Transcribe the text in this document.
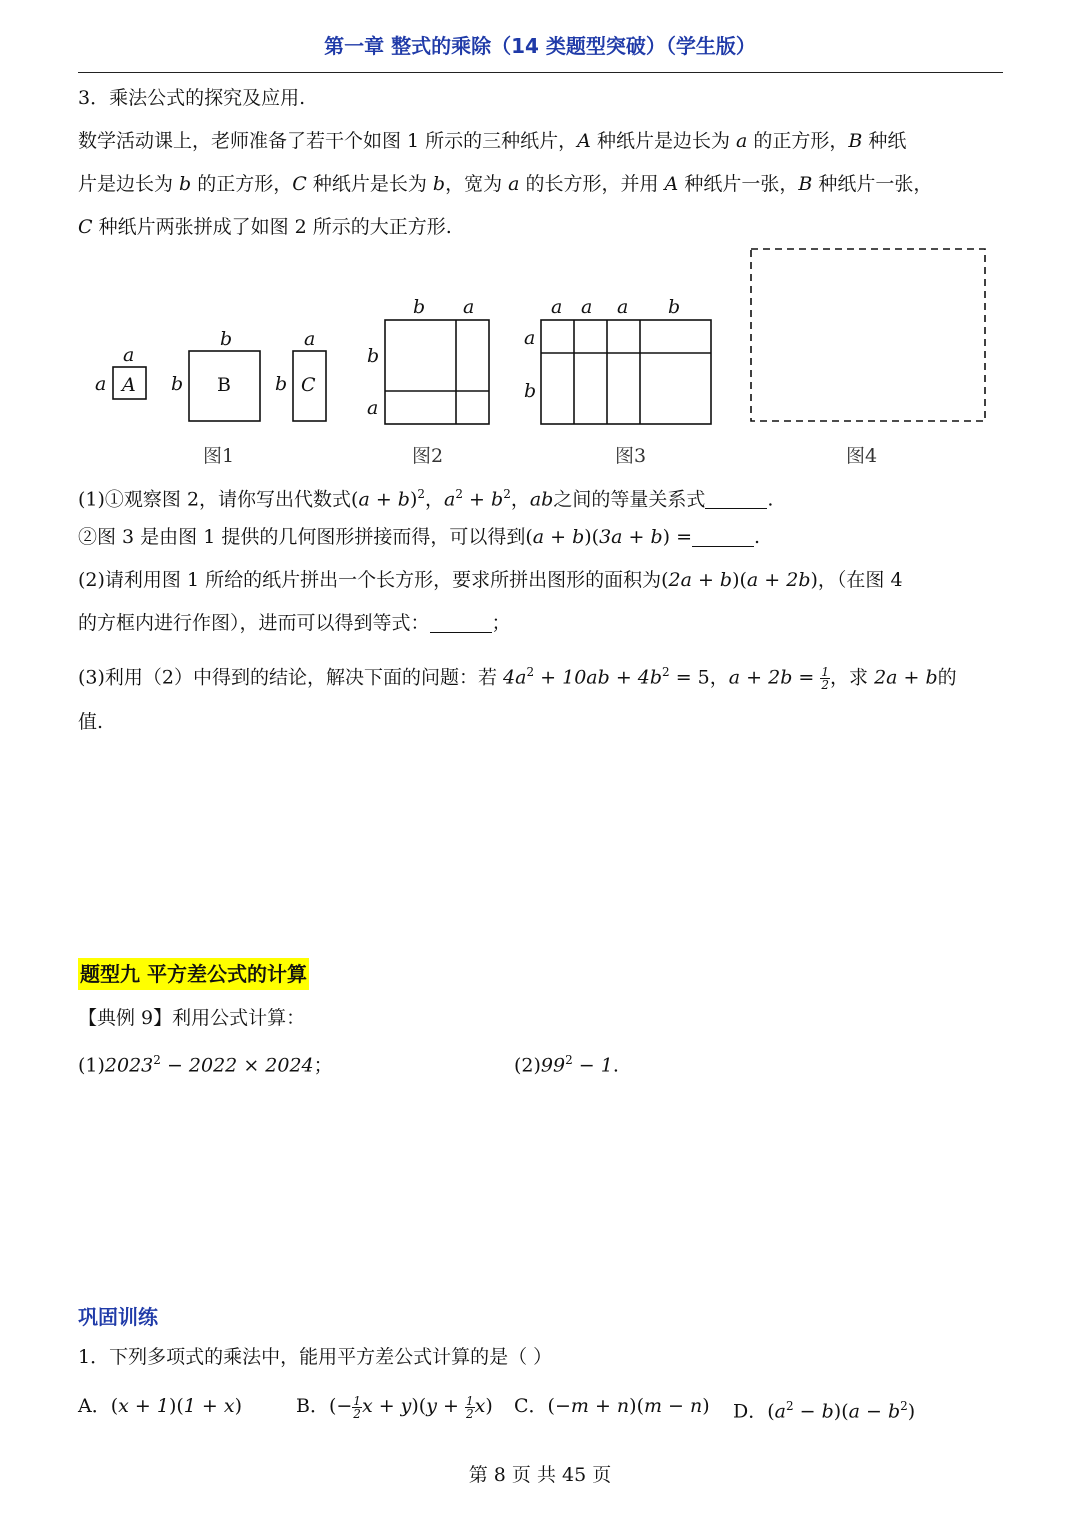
第一章 整式的乘除（14 类题型突破）（学生版）
3．乘法公式的探究及应用.
数学活动课上，老师准备了若干个如图 1 所示的三种纸片，A 种纸片是边长为 a 的正方形，B 种纸
片是边长为 b 的正方形，C 种纸片是长为 b，宽为 a 的长方形，并用 A 种纸片一张，B 种纸片一张，
C 种纸片两张拼成了如图 2 所示的大正方形.
a
a A
b
b B
a
b C
b a
b
a
a a a b
a
b
图1	图2	图3	图4
(1)①观察图 2，请你写出代数式$(a + b)^2$，$a^2 + b^2$，ab之间的等量关系式	.
②图 3 是由图 1 提供的几何图形拼接而得，可以得到(a + b)(3a + b) =	.
(2)请利用图 1 所给的纸片拼出一个长方形，要求所拼出图形的面积为(2a + b)(a + 2b)，（在图 4
的方框内进行作图），进而可以得到等式：	；
(3)利用（2）中得到的结论，解决下面的问题：若 $4a^2 + 10ab + 4b^2 = 5$，$a + 2b = \frac{1}{2}$ ，求 2a + b的
值.
题型九 平方差公式的计算
【典例 9】利用公式计算：
$(1)2023^2 - 2022 \times 2024$；	$(2)99^2 - 1$.
巩固训练
1．下列多项式的乘法中，能用平方差公式计算的是（ ）
A．(x + 1)(1 + x)	B．(− $\frac{1}{2}$ $x + y)(y + \frac{1}{2} x)$ C．(−m + n)(m − n) D．$(a^2 - b)(a - b^2)$
第 8 页 共 45 页
